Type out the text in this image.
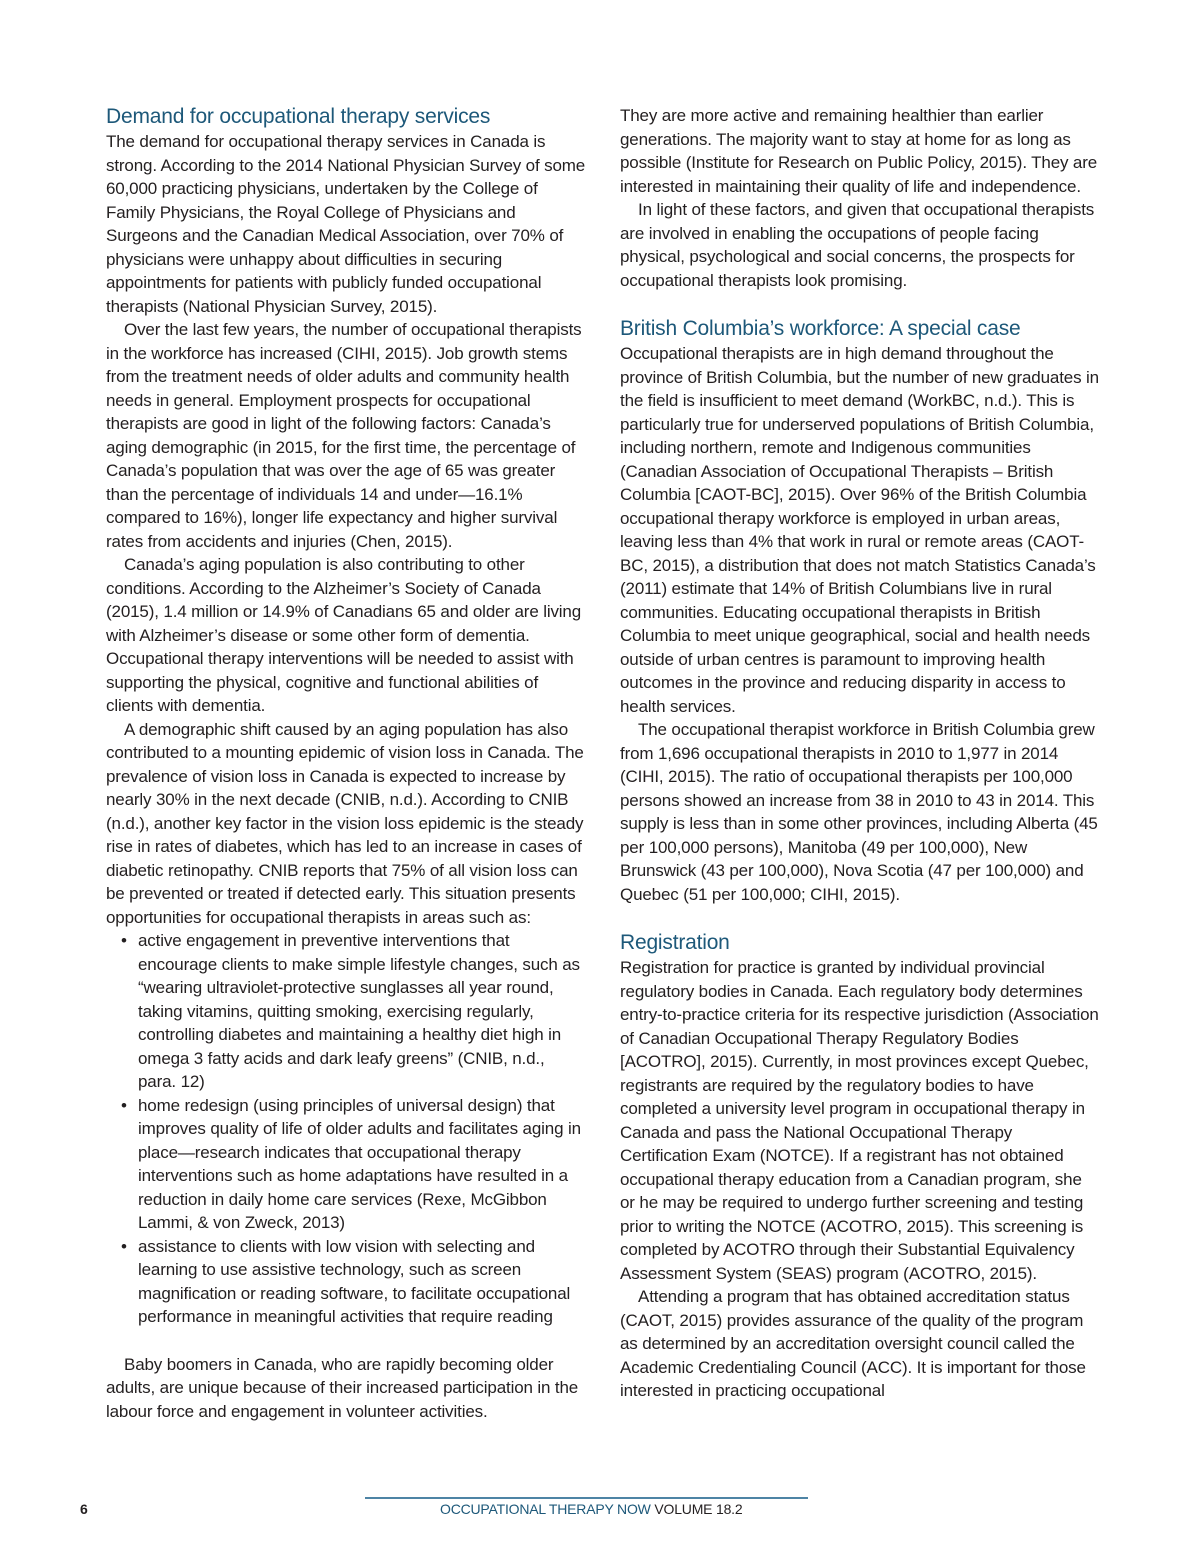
Demand for occupational therapy services

The demand for occupational therapy services in Canada is strong. According to the 2014 National Physician Survey of some 60,000 practicing physicians, undertaken by the College of Family Physicians, the Royal College of Physicians and Surgeons and the Canadian Medical Association, over 70% of physicians were unhappy about difficulties in securing appointments for patients with publicly funded occupational therapists (National Physician Survey, 2015).

Over the last few years, the number of occupational therapists in the workforce has increased (CIHI, 2015). Job growth stems from the treatment needs of older adults and community health needs in general. Employment prospects for occupational therapists are good in light of the following factors: Canada’s aging demographic (in 2015, for the first time, the percentage of Canada’s population that was over the age of 65 was greater than the percentage of individuals 14 and under—16.1% compared to 16%), longer life expectancy and higher survival rates from accidents and injuries (Chen, 2015).

Canada’s aging population is also contributing to other conditions. According to the Alzheimer’s Society of Canada (2015), 1.4 million or 14.9% of Canadians 65 and older are living with Alzheimer’s disease or some other form of dementia. Occupational therapy interventions will be needed to assist with supporting the physical, cognitive and functional abilities of clients with dementia.

A demographic shift caused by an aging population has also contributed to a mounting epidemic of vision loss in Canada. The prevalence of vision loss in Canada is expected to increase by nearly 30% in the next decade (CNIB, n.d.). According to CNIB (n.d.), another key factor in the vision loss epidemic is the steady rise in rates of diabetes, which has led to an increase in cases of diabetic retinopathy. CNIB reports that 75% of all vision loss can be prevented or treated if detected early. This situation presents opportunities for occupational therapists in areas such as:

• active engagement in preventive interventions that encourage clients to make simple lifestyle changes, such as “wearing ultraviolet-protective sunglasses all year round, taking vitamins, quitting smoking, exercising regularly, controlling diabetes and maintaining a healthy diet high in omega 3 fatty acids and dark leafy greens” (CNIB, n.d., para. 12)
• home redesign (using principles of universal design) that improves quality of life of older adults and facilitates aging in place—research indicates that occupational therapy interventions such as home adaptations have resulted in a reduction in daily home care services (Rexe, McGibbon Lammi, & von Zweck, 2013)
• assistance to clients with low vision with selecting and learning to use assistive technology, such as screen magnification or reading software, to facilitate occupational performance in meaningful activities that require reading

Baby boomers in Canada, who are rapidly becoming older adults, are unique because of their increased participation in the labour force and engagement in volunteer activities.

They are more active and remaining healthier than earlier generations. The majority want to stay at home for as long as possible (Institute for Research on Public Policy, 2015). They are interested in maintaining their quality of life and independence.

In light of these factors, and given that occupational therapists are involved in enabling the occupations of people facing physical, psychological and social concerns, the prospects for occupational therapists look promising.

British Columbia’s workforce: A special case

Occupational therapists are in high demand throughout the province of British Columbia, but the number of new graduates in the field is insufficient to meet demand (WorkBC, n.d.). This is particularly true for underserved populations of British Columbia, including northern, remote and Indigenous communities (Canadian Association of Occupational Therapists – British Columbia [CAOT-BC], 2015). Over 96% of the British Columbia occupational therapy workforce is employed in urban areas, leaving less than 4% that work in rural or remote areas (CAOT-BC, 2015), a distribution that does not match Statistics Canada’s (2011) estimate that 14% of British Columbians live in rural communities. Educating occupational therapists in British Columbia to meet unique geographical, social and health needs outside of urban centres is paramount to improving health outcomes in the province and reducing disparity in access to health services.

The occupational therapist workforce in British Columbia grew from 1,696 occupational therapists in 2010 to 1,977 in 2014 (CIHI, 2015). The ratio of occupational therapists per 100,000 persons showed an increase from 38 in 2010 to 43 in 2014. This supply is less than in some other provinces, including Alberta (45 per 100,000 persons), Manitoba (49 per 100,000), New Brunswick (43 per 100,000), Nova Scotia (47 per 100,000) and Quebec (51 per 100,000; CIHI, 2015).

Registration

Registration for practice is granted by individual provincial regulatory bodies in Canada. Each regulatory body determines entry-to-practice criteria for its respective jurisdiction (Association of Canadian Occupational Therapy Regulatory Bodies [ACOTRO], 2015). Currently, in most provinces except Quebec, registrants are required by the regulatory bodies to have completed a university level program in occupational therapy in Canada and pass the National Occupational Therapy Certification Exam (NOTCE). If a registrant has not obtained occupational therapy education from a Canadian program, she or he may be required to undergo further screening and testing prior to writing the NOTCE (ACOTRO, 2015). This screening is completed by ACOTRO through their Substantial Equivalency Assessment System (SEAS) program (ACOTRO, 2015).

Attending a program that has obtained accreditation status (CAOT, 2015) provides assurance of the quality of the program as determined by an accreditation oversight council called the Academic Credentialing Council (ACC). It is important for those interested in practicing occupational

6	OCCUPATIONAL THERAPY NOW VOLUME 18.2
